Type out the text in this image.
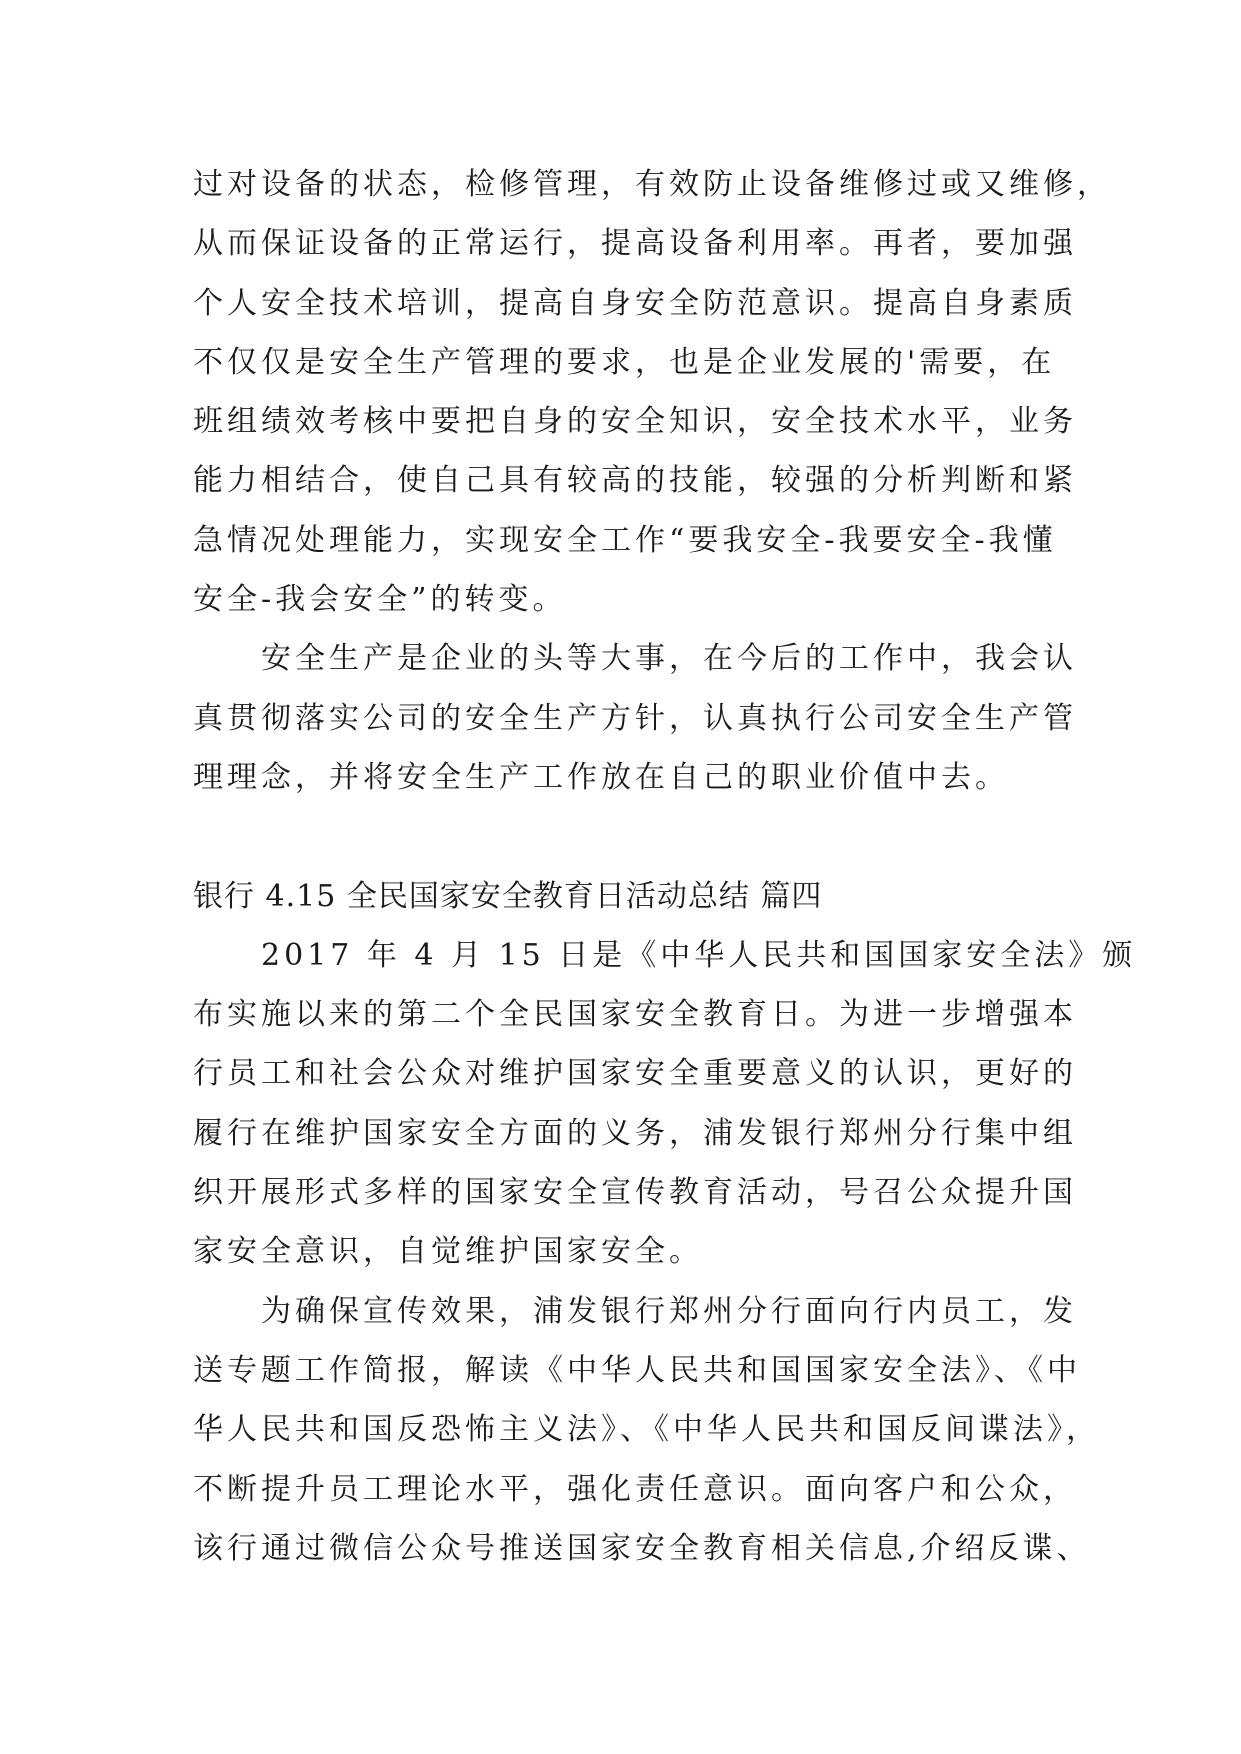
过对设备的状态，检修管理，有效防止设备维修过或又维修，
从而保证设备的正常运行，提高设备利用率。再者，要加强
个人安全技术培训，提高自身安全防范意识。提高自身素质
不仅仅是安全生产管理的要求，也是企业发展的'需要，在
班组绩效考核中要把自身的安全知识，安全技术水平，业务
能力相结合，使自己具有较高的技能，较强的分析判断和紧
急情况处理能力，实现安全工作“要我安全-我要安全-我懂
安全-我会安全”的转变。
　　安全生产是企业的头等大事，在今后的工作中，我会认
真贯彻落实公司的安全生产方针，认真执行公司安全生产管
理理念，并将安全生产工作放在自己的职业价值中去。
银行 4.15 全民国家安全教育日活动总结 篇四
　　2017 年 4 月 15 日是《中华人民共和国国家安全法》颁
布实施以来的第二个全民国家安全教育日。为进一步增强本
行员工和社会公众对维护国家安全重要意义的认识，更好的
履行在维护国家安全方面的义务，浦发银行郑州分行集中组
织开展形式多样的国家安全宣传教育活动，号召公众提升国
家安全意识，自觉维护国家安全。
　　为确保宣传效果，浦发银行郑州分行面向行内员工，发
送专题工作简报，解读《中华人民共和国国家安全法》、《中
华人民共和国反恐怖主义法》、《中华人民共和国反间谍法》，
不断提升员工理论水平，强化责任意识。面向客户和公众，
该行通过微信公众号推送国家安全教育相关信息,介绍反谍、
